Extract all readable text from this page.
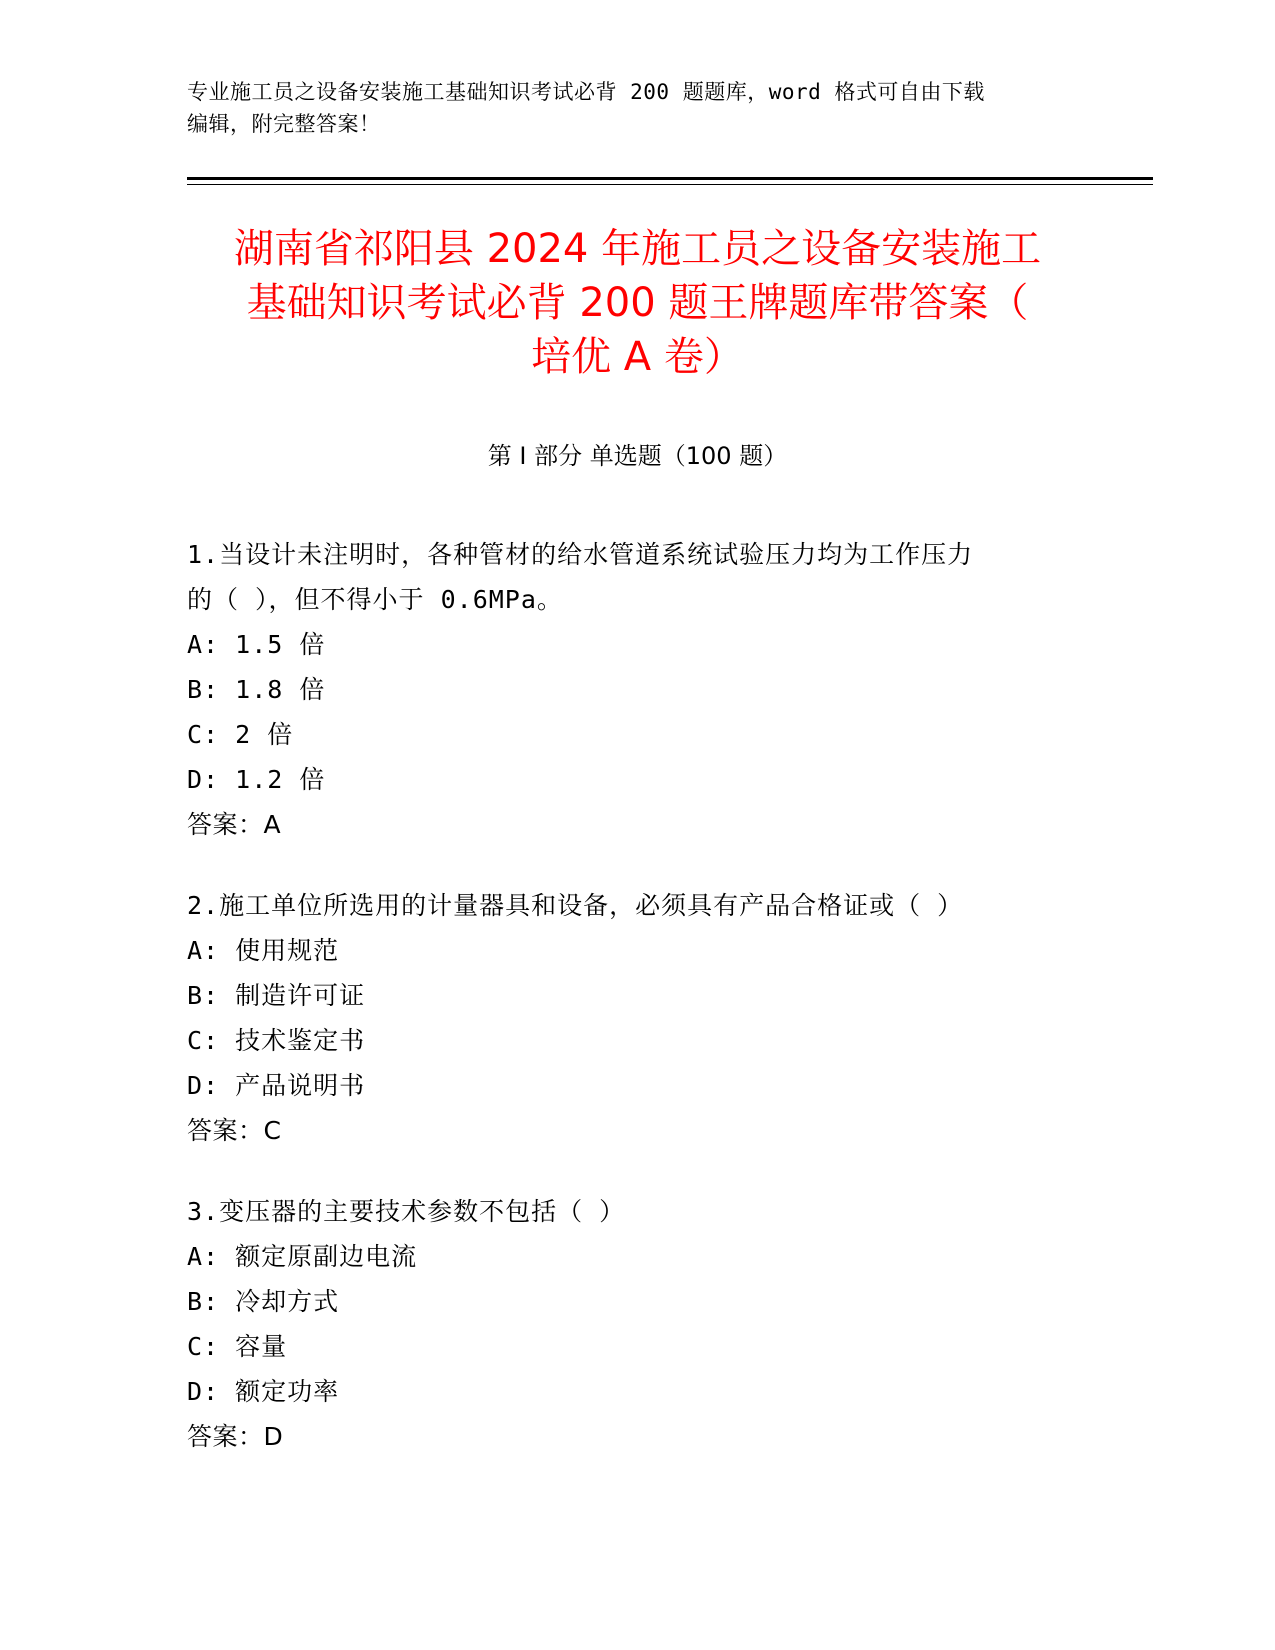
专业施工员之设备安装施工基础知识考试必背 200 题题库，word 格式可自由下载
编辑，附完整答案！
湖南省祁阳县 2024 年施工员之设备安装施工
基础知识考试必背 200 题王牌题库带答案（
培优 A 卷）
第 I 部分 单选题（100 题）

1.当设计未注明时，各种管材的给水管道系统试验压力均为工作压力

的（ ），但不得小于 0.6MPa。

A: 1.5 倍

B: 1.8 倍

C: 2 倍

D: 1.2 倍

答案：A

2.施工单位所选用的计量器具和设备，必须具有产品合格证或（ ）

A: 使用规范

B: 制造许可证

C: 技术鉴定书

D: 产品说明书

答案：C

3.变压器的主要技术参数不包括（ ）

A: 额定原副边电流

B: 冷却方式

C: 容量

D: 额定功率

答案：D
